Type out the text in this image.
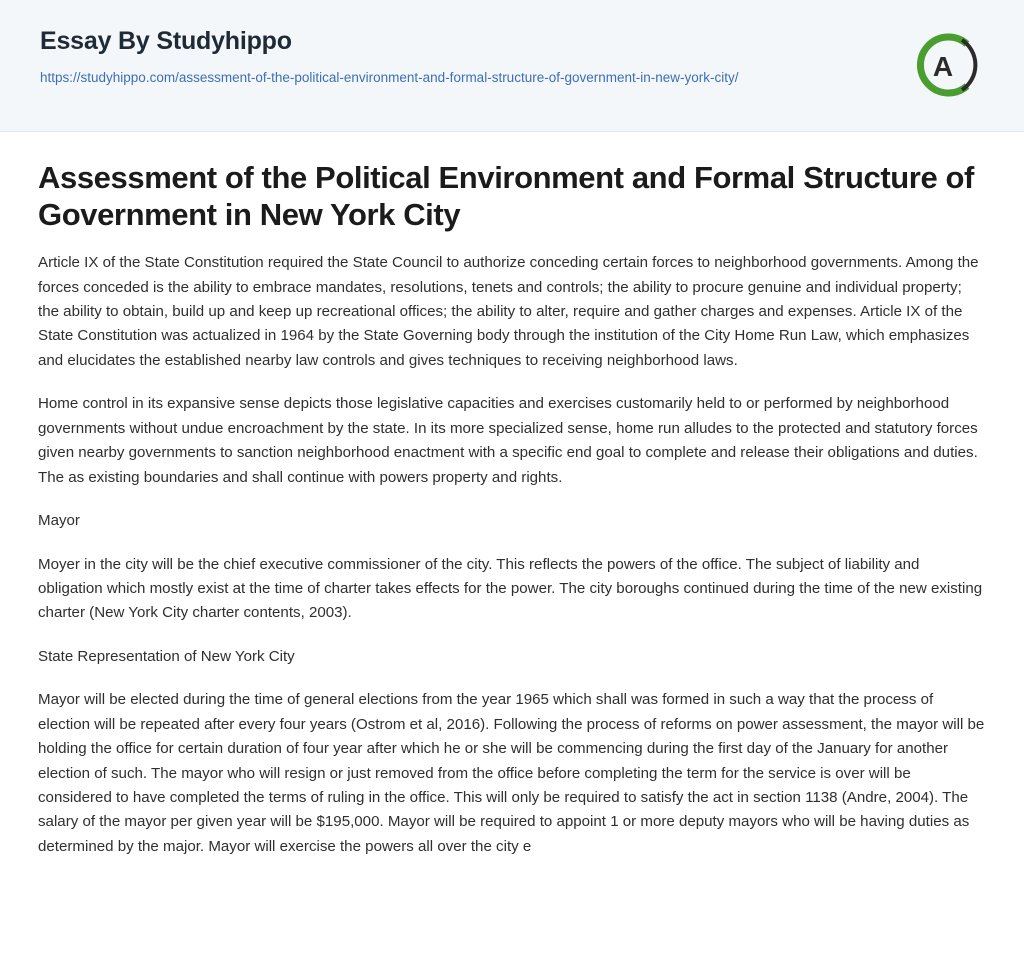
Essay By Studyhippo
https://studyhippo.com/assessment-of-the-political-environment-and-formal-structure-of-government-in-new-york-city/	A
Assessment of the Political Environment and Formal Structure of Government in New York City

Article IX of the State Constitution required the State Council to authorize conceding certain forces to neighborhood governments. Among the forces conceded is the ability to embrace mandates, resolutions, tenets and controls; the ability to procure genuine and individual property; the ability to obtain, build up and keep up recreational offices; the ability to alter, require and gather charges and expenses. Article IX of the State Constitution was actualized in 1964 by the State Governing body through the institution of the City Home Run Law, which emphasizes and elucidates the established nearby law controls and gives techniques to receiving neighborhood laws.

Home control in its expansive sense depicts those legislative capacities and exercises customarily held to or performed by neighborhood governments without undue encroachment by the state. In its more specialized sense, home run alludes to the protected and statutory forces given nearby governments to sanction neighborhood enactment with a specific end goal to complete and release their obligations and duties. The as existing boundaries and shall continue with powers property and rights.

Mayor

Moyer in the city will be the chief executive commissioner of the city. This reflects the powers of the office. The subject of liability and obligation which mostly exist at the time of charter takes effects for the power. The city boroughs continued during the time of the new existing charter (New York City charter contents, 2003).

State Representation of New York City

Mayor will be elected during the time of general elections from the year 1965 which shall was formed in such a way that the process of election will be repeated after every four years (Ostrom et al, 2016). Following the process of reforms on power assessment, the mayor will be holding the office for certain duration of four year after which he or she will be commencing during the first day of the January for another election of such. The mayor who will resign or just removed from the office before completing the term for the service is over will be considered to have completed the terms of ruling in the office. This will only be required to satisfy the act in section 1138 (Andre, 2004). The salary of the mayor per given year will be $195,000. Mayor will be required to appoint 1 or more deputy mayors who will be having duties as determined by the major. Mayor will exercise the powers all over the city e
